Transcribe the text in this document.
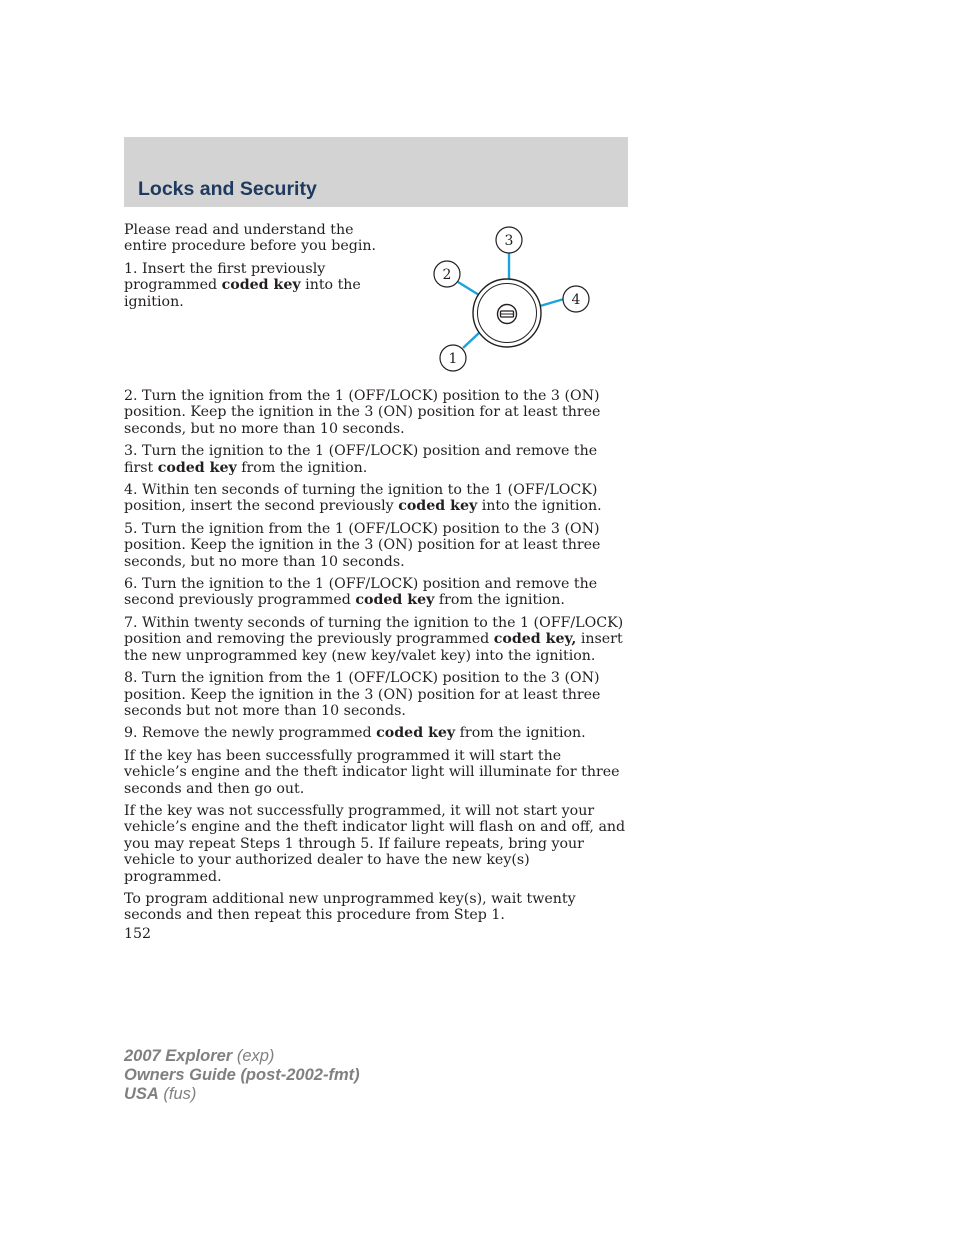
Locks and Security

Please read and understand the entire procedure before you begin.

1. Insert the first previously programmed coded key into the ignition.

3
2
4
1

2. Turn the ignition from the 1 (OFF/LOCK) position to the 3 (ON) position. Keep the ignition in the 3 (ON) position for at least three seconds, but no more than 10 seconds.

3. Turn the ignition to the 1 (OFF/LOCK) position and remove the first coded key from the ignition.

4. Within ten seconds of turning the ignition to the 1 (OFF/LOCK) position, insert the second previously coded key into the ignition.

5. Turn the ignition from the 1 (OFF/LOCK) position to the 3 (ON) position. Keep the ignition in the 3 (ON) position for at least three seconds, but no more than 10 seconds.

6. Turn the ignition to the 1 (OFF/LOCK) position and remove the second previously programmed coded key from the ignition.

7. Within twenty seconds of turning the ignition to the 1 (OFF/LOCK) position and removing the previously programmed coded key, insert the new unprogrammed key (new key/valet key) into the ignition.

8. Turn the ignition from the 1 (OFF/LOCK) position to the 3 (ON) position. Keep the ignition in the 3 (ON) position for at least three seconds but not more than 10 seconds.

9. Remove the newly programmed coded key from the ignition.

If the key has been successfully programmed it will start the vehicle’s engine and the theft indicator light will illuminate for three seconds and then go out.

If the key was not successfully programmed, it will not start your vehicle’s engine and the theft indicator light will flash on and off, and you may repeat Steps 1 through 5. If failure repeats, bring your vehicle to your authorized dealer to have the new key(s) programmed.

To program additional new unprogrammed key(s), wait twenty seconds and then repeat this procedure from Step 1.

152
2007 Explorer (exp)
Owners Guide (post-2002-fmt)
USA (fus)
